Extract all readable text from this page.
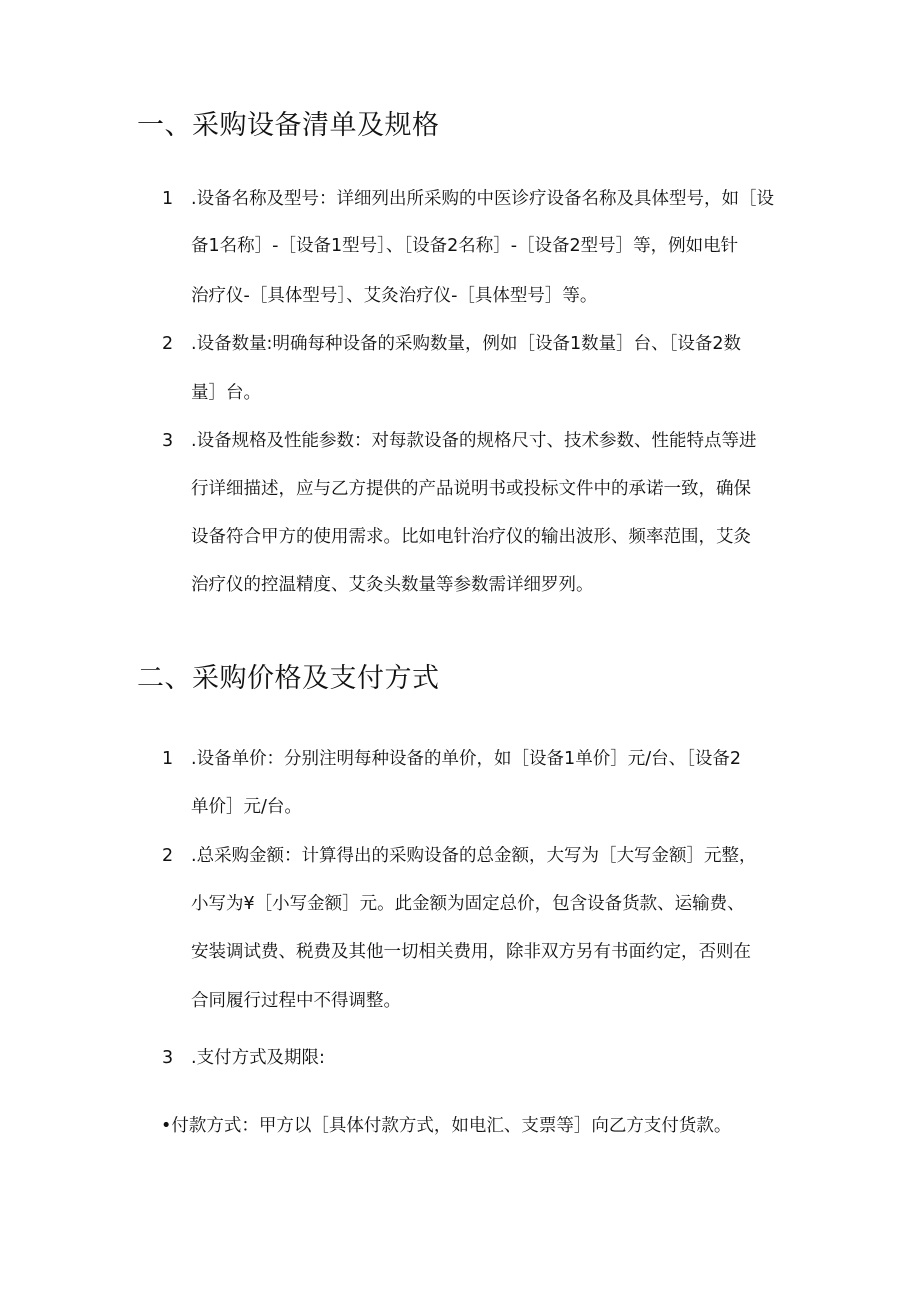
一、采购设备清单及规格
1 .设备名称及型号：详细列出所采购的中医诊疗设备名称及具体型号，如［设
备1名称］-［设备1型号］、［设备2名称］-［设备2型号］等，例如电针
治疗仪-［具体型号］、艾灸治疗仪-［具体型号］等。
2 .设备数量:明确每种设备的采购数量，例如［设备1数量］台、［设备2数
量］台。
3 .设备规格及性能参数：对每款设备的规格尺寸、技术参数、性能特点等进
行详细描述，应与乙方提供的产品说明书或投标文件中的承诺一致，确保
设备符合甲方的使用需求。比如电针治疗仪的输出波形、频率范围，艾灸
治疗仪的控温精度、艾灸头数量等参数需详细罗列。
二、采购价格及支付方式
1 .设备单价：分别注明每种设备的单价，如［设备1单价］元/台、［设备2
单价］元/台。
2 .总采购金额：计算得出的采购设备的总金额，大写为［大写金额］元整，
小写为¥［小写金额］元。此金额为固定总价，包含设备货款、运输费、
安装调试费、税费及其他一切相关费用，除非双方另有书面约定，否则在
合同履行过程中不得调整。
3 .支付方式及期限:
•付款方式：甲方以［具体付款方式，如电汇、支票等］向乙方支付货款。
